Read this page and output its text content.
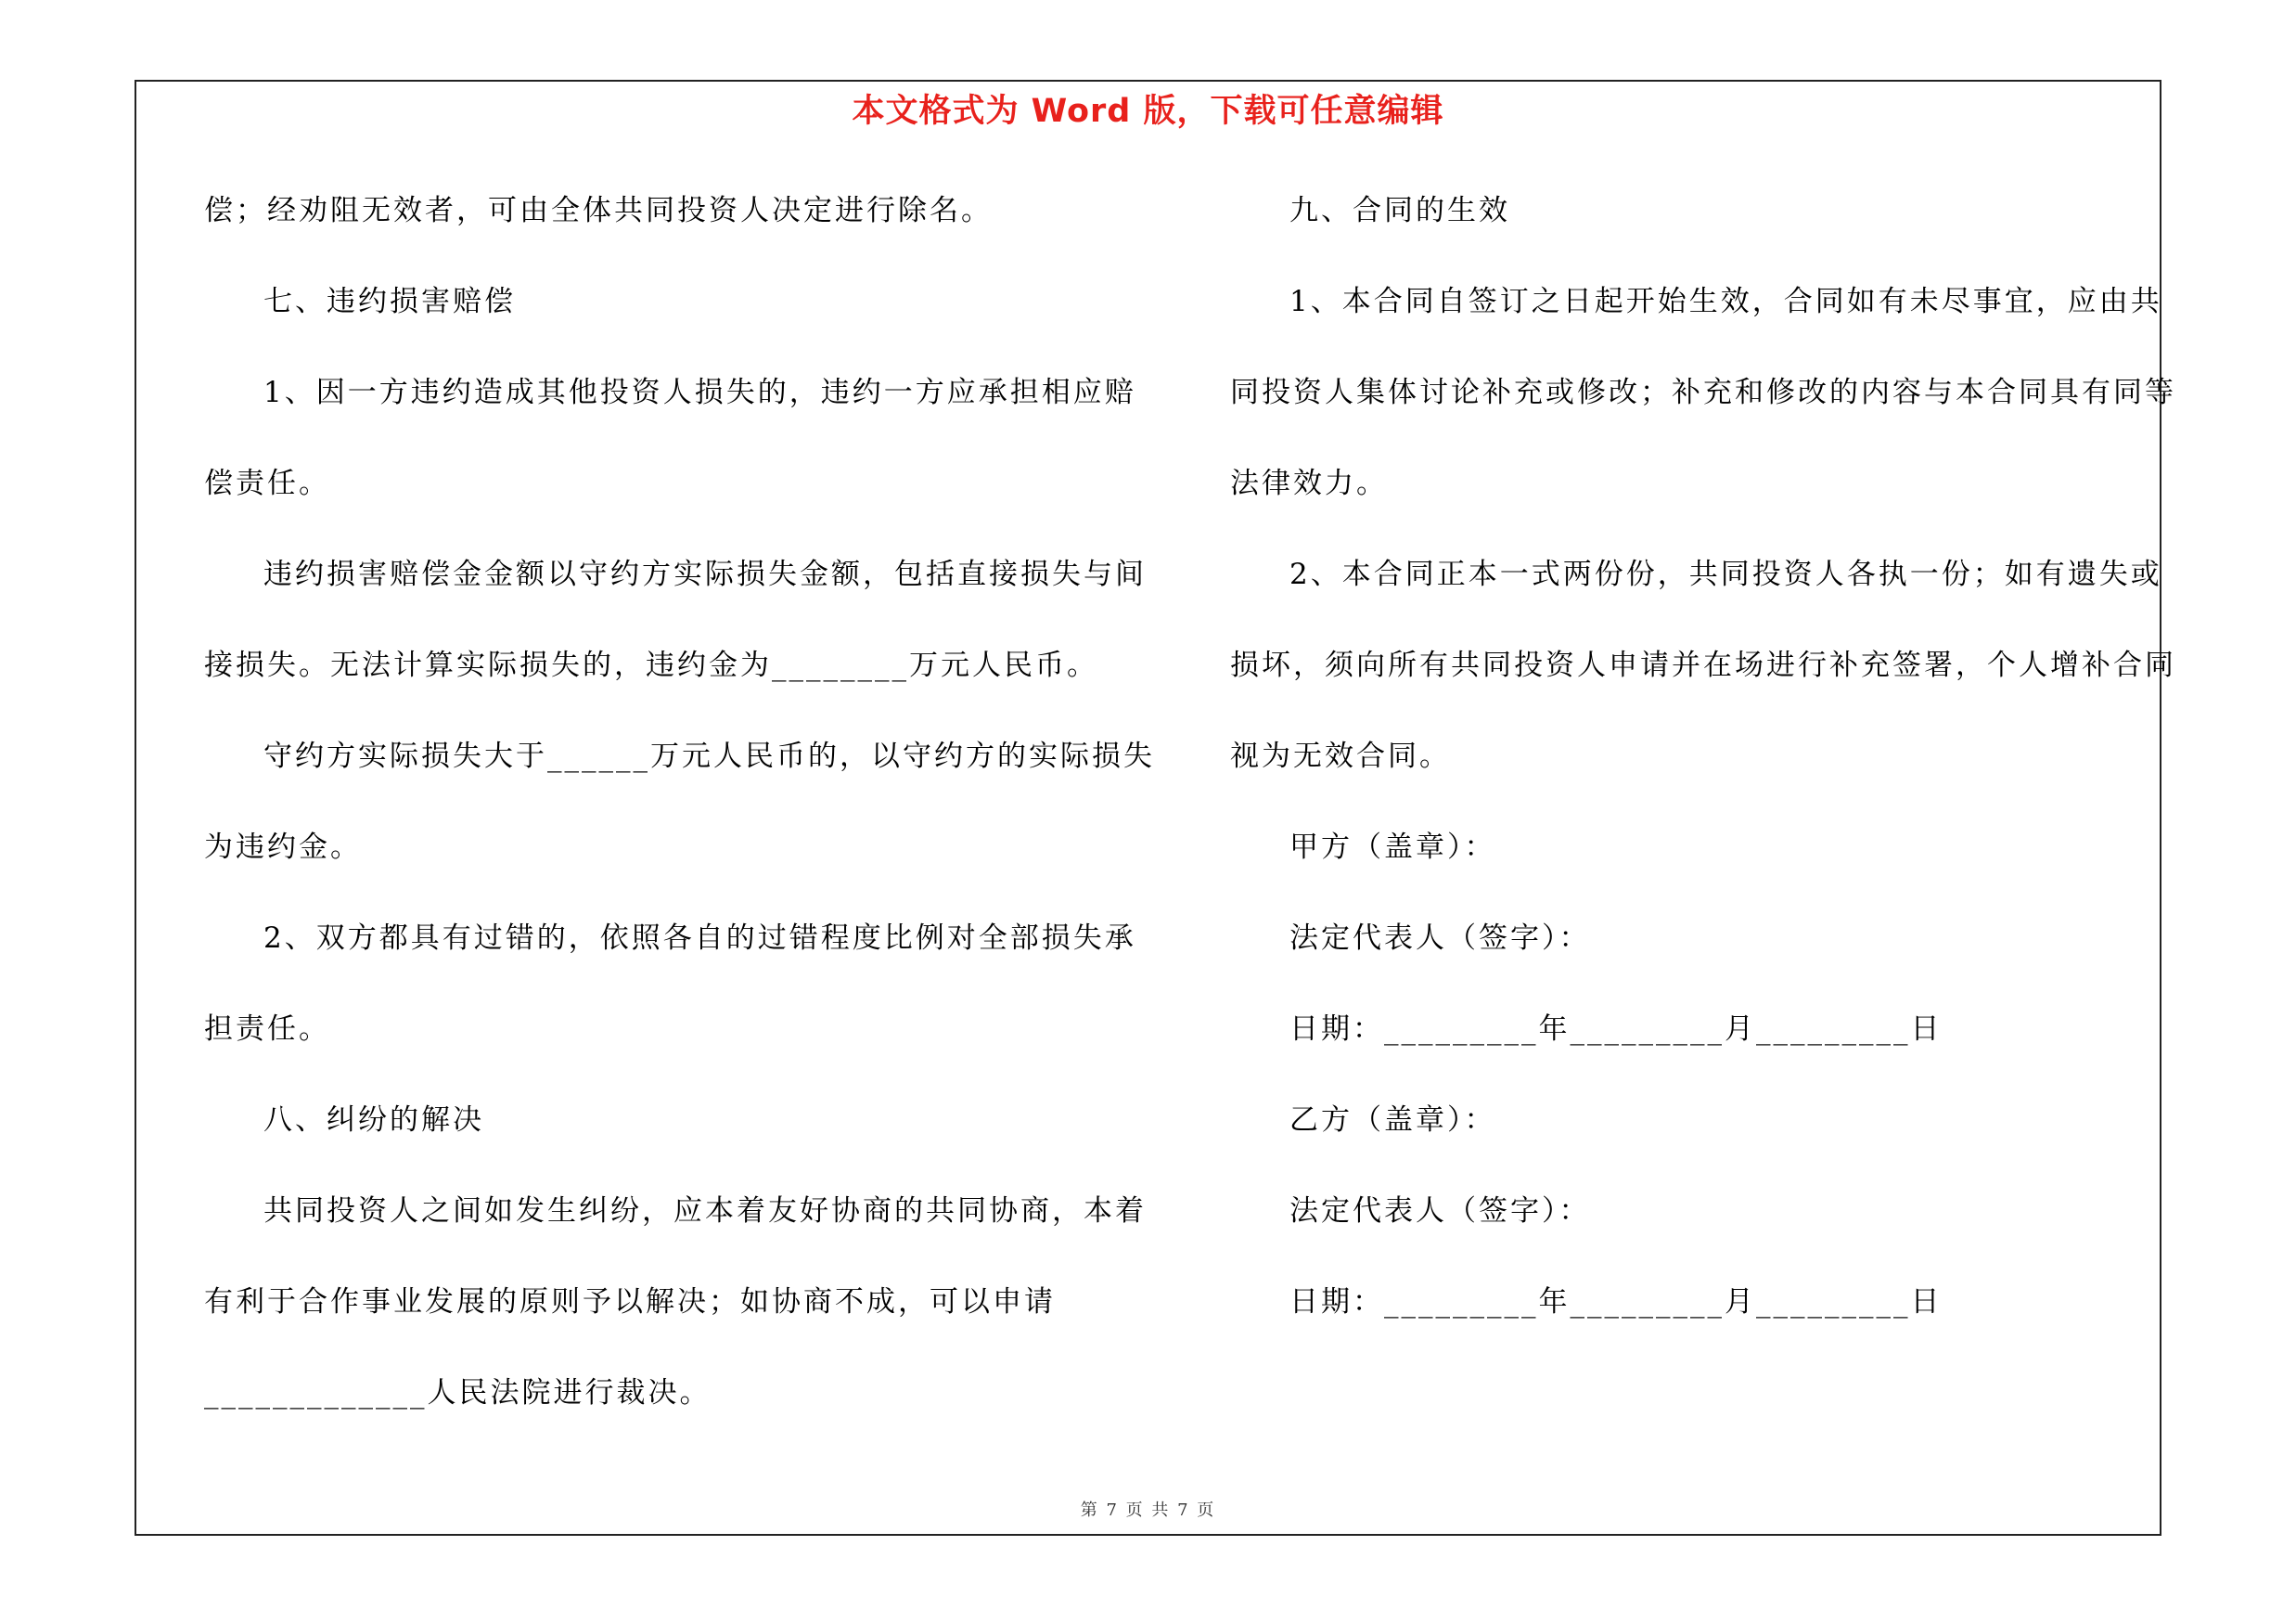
本文格式为 Word 版，下载可任意编辑
偿；经劝阻无效者，可由全体共同投资人决定进行除名。
七、违约损害赔偿
1、因一方违约造成其他投资人损失的，违约一方应承担相应赔
偿责任。
违约损害赔偿金金额以守约方实际损失金额，包括直接损失与间
接损失。无法计算实际损失的，违约金为________万元人民币。
守约方实际损失大于______万元人民币的，以守约方的实际损失
为违约金。
2、双方都具有过错的，依照各自的过错程度比例对全部损失承
担责任。
八、纠纷的解决
共同投资人之间如发生纠纷，应本着友好协商的共同协商，本着
有利于合作事业发展的原则予以解决；如协商不成，可以申请
_____________人民法院进行裁决。
九、合同的生效
1、本合同自签订之日起开始生效，合同如有未尽事宜，应由共
同投资人集体讨论补充或修改；补充和修改的内容与本合同具有同等
法律效力。
2、本合同正本一式两份份，共同投资人各执一份；如有遗失或
损坏，须向所有共同投资人申请并在场进行补充签署，个人增补合同
视为无效合同。
甲方（盖章）：
法定代表人（签字）：
日期：_________年_________月_________日
乙方（盖章）：
法定代表人（签字）：
日期：_________年_________月_________日
第 7 页 共 7 页
